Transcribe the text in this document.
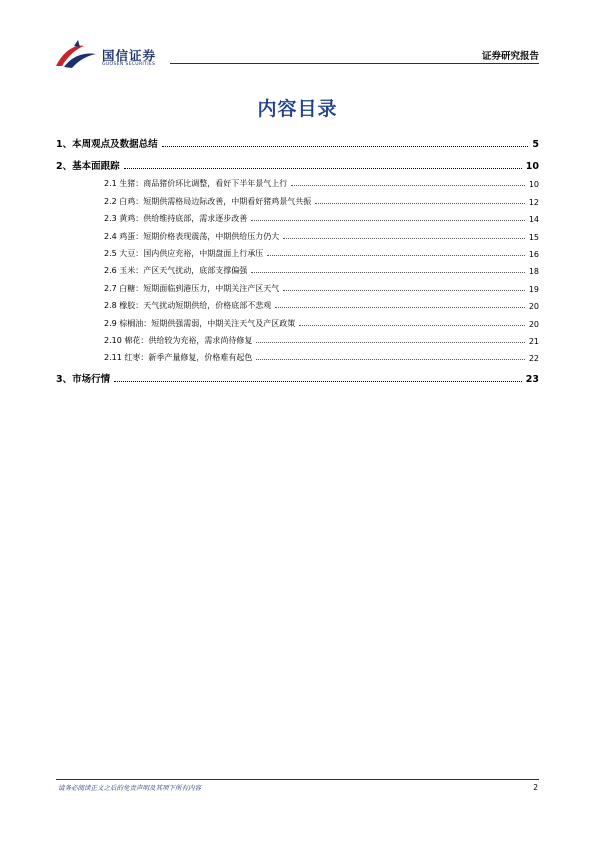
国信证券
GUOSEN SECURITIES
证券研究报告
内容目录
1、本周观点及数据总结	5
2、基本面跟踪	10
2.1 生猪：商品猪价环比调整，看好下半年景气上行	10
2.2 白鸡：短期供需格局边际改善，中期看好猪鸡景气共振	12
2.3 黄鸡：供给维持底部，需求逐步改善	14
2.4 鸡蛋：短期价格表现震荡，中期供给压力仍大	15
2.5 大豆：国内供应充裕，中期盘面上行承压	16
2.6 玉米：产区天气扰动，底部支撑偏强	18
2.7 白糖：短期面临到港压力，中期关注产区天气	19
2.8 橡胶：天气扰动短期供给，价格底部不悲观	20
2.9 棕榈油：短期供强需弱，中期关注天气及产区政策	20
2.10 棉花：供给较为充裕，需求尚待修复	21
2.11 红枣：新季产量修复，价格难有起色	22
3、市场行情	23
请务必阅读正文之后的免责声明及其项下所有内容	2
